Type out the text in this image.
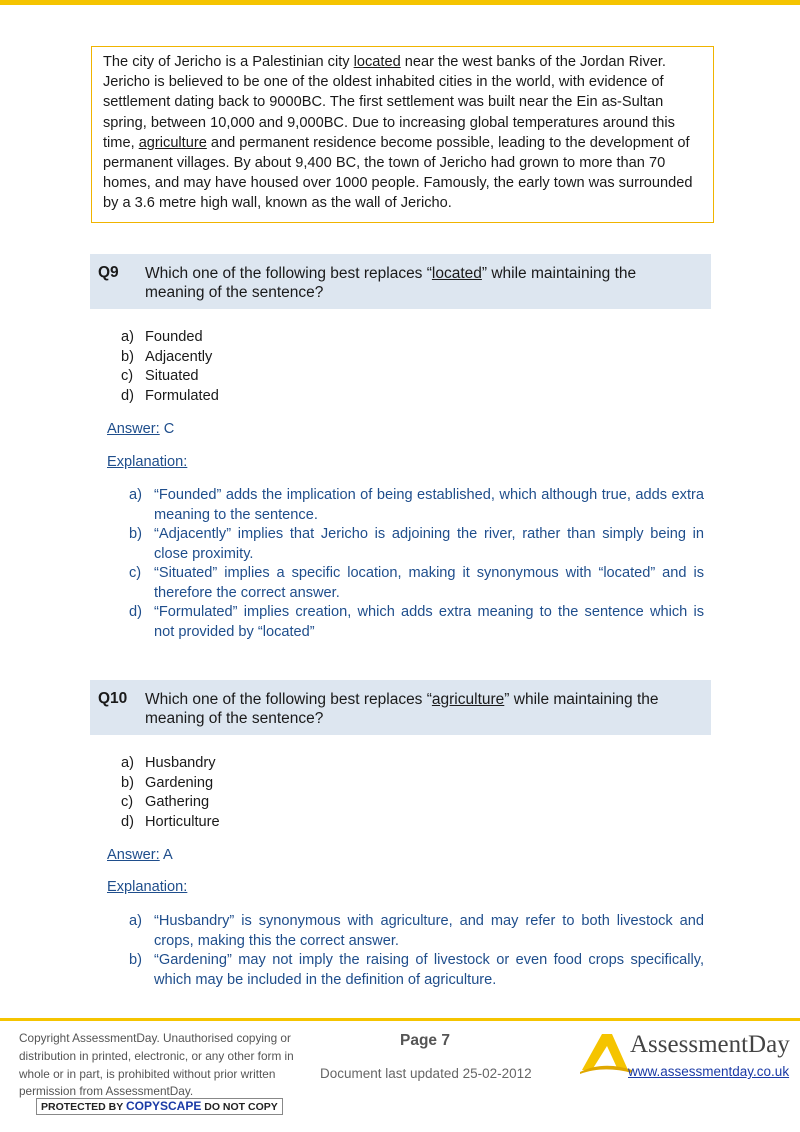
The city of Jericho is a Palestinian city located near the west banks of the Jordan River. Jericho is believed to be one of the oldest inhabited cities in the world, with evidence of settlement dating back to 9000BC. The first settlement was built near the Ein as-Sultan spring, between 10,000 and 9,000BC. Due to increasing global temperatures around this time, agriculture and permanent residence become possible, leading to the development of permanent villages. By about 9,400 BC, the town of Jericho had grown to more than 70 homes, and may have housed over 1000 people. Famously, the early town was surrounded by a 3.6 metre high wall, known as the wall of Jericho.
Q9 Which one of the following best replaces “located” while maintaining the meaning of the sentence?
a) Founded
b) Adjacently
c) Situated
d) Formulated
Answer: C
Explanation:
a) “Founded” adds the implication of being established, which although true, adds extra meaning to the sentence.
b) “Adjacently” implies that Jericho is adjoining the river, rather than simply being in close proximity.
c) “Situated” implies a specific location, making it synonymous with “located” and is therefore the correct answer.
d) “Formulated” implies creation, which adds extra meaning to the sentence which is not provided by “located”
Q10 Which one of the following best replaces “agriculture” while maintaining the meaning of the sentence?
a) Husbandry
b) Gardening
c) Gathering
d) Horticulture
Answer: A
Explanation:
a) “Husbandry” is synonymous with agriculture, and may refer to both livestock and crops, making this the correct answer.
b) “Gardening” may not imply the raising of livestock or even food crops specifically, which may be included in the definition of agriculture.
Copyright AssessmentDay. Unauthorised copying or distribution in printed, electronic, or any other form in whole or in part, is prohibited without prior written permission from AssessmentDay.
PROTECTED BY COPYSCAPE DO NOT COPY
Page 7
Document last updated 25-02-2012
AssessmentDay
www.assessmentday.co.uk
